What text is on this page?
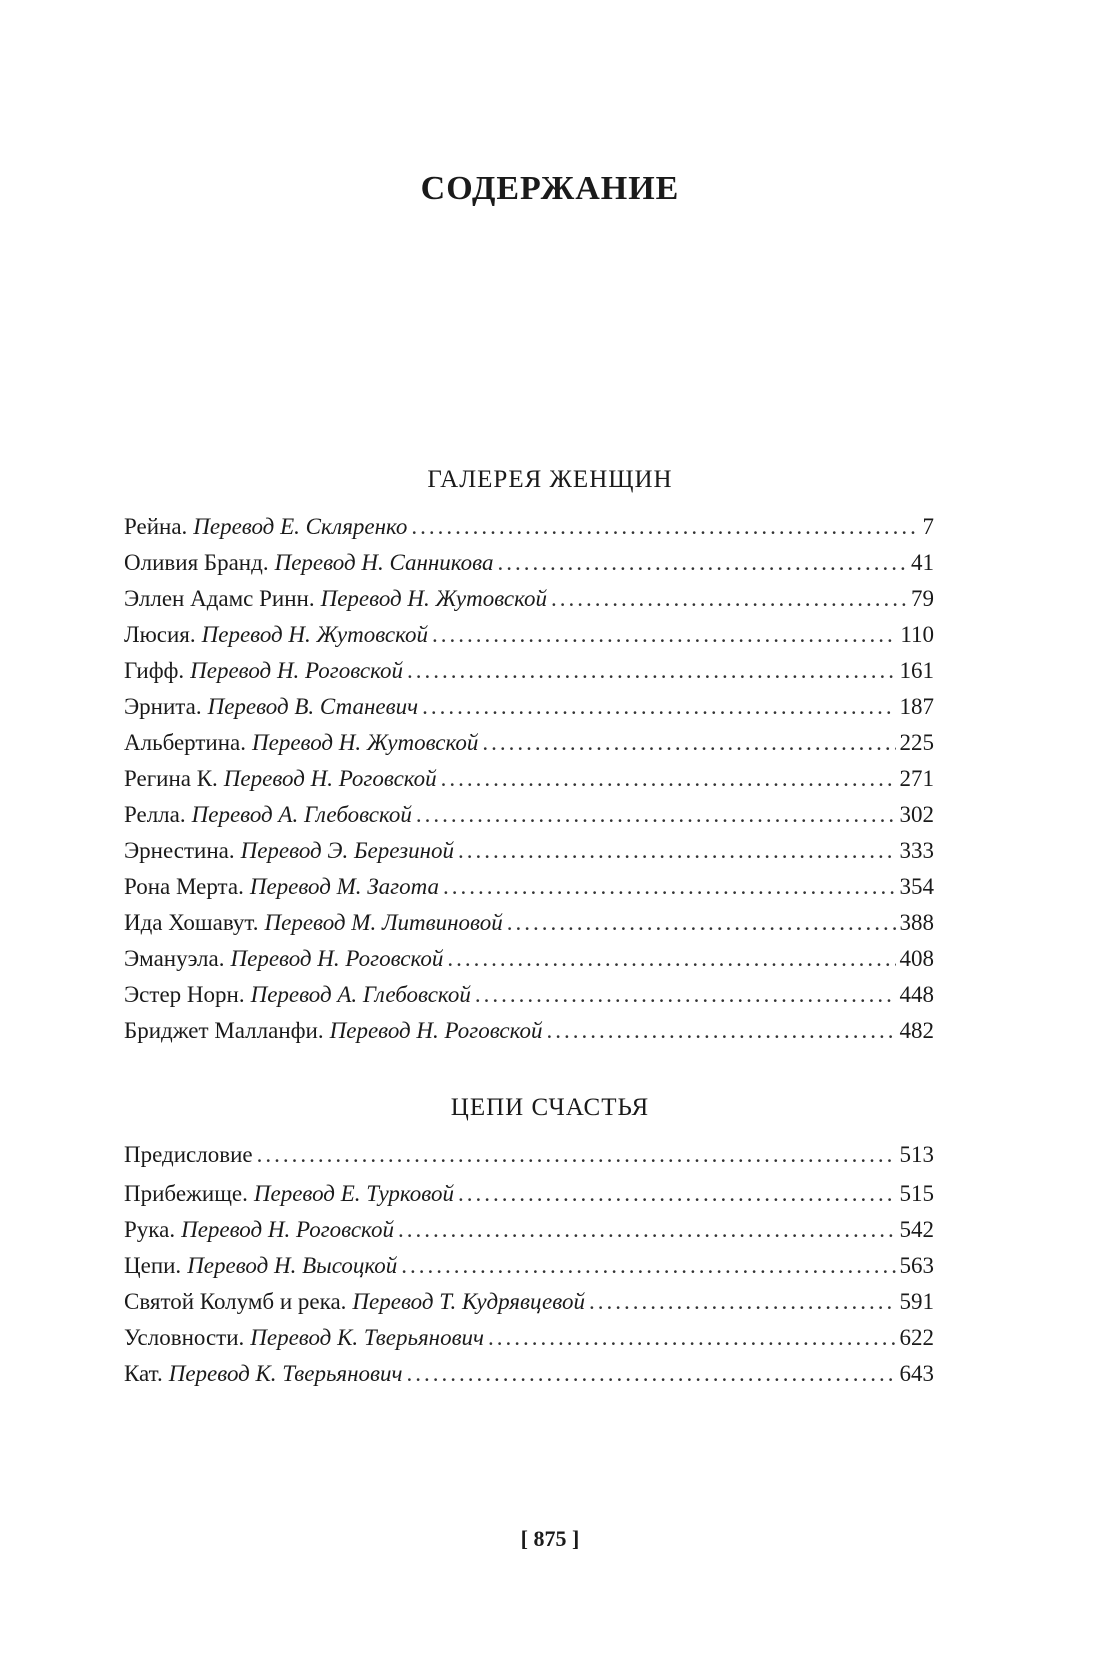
СОДЕРЖАНИЕ
ГАЛЕРЕЯ ЖЕНЩИН
Рейна. Перевод Е. Скляренко .....	7
Оливия Бранд. Перевод Н. Санникова .....	41
Эллен Адамс Ринн. Перевод Н. Жутовской .....	79
Люсия. Перевод Н. Жутовской .....	110
Гифф. Перевод Н. Роговской .....	161
Эрнита. Перевод В. Станевич .....	187
Альбертина. Перевод Н. Жутовской .....	225
Регина К. Перевод Н. Роговской .....	271
Релла. Перевод А. Глебовской .....	302
Эрнестина. Перевод Э. Березиной .....	333
Рона Мерта. Перевод М. Загота .....	354
Ида Хошавут. Перевод М. Литвиновой .....	388
Эмануэла. Перевод Н. Роговской .....	408
Эстер Норн. Перевод А. Глебовской .....	448
Бриджет Малланфи. Перевод Н. Роговской .....	482
ЦЕПИ СЧАСТЬЯ
Предисловие .....	513
Прибежище. Перевод Е. Турковой .....	515
Рука. Перевод Н. Роговской .....	542
Цепи. Перевод Н. Высоцкой .....	563
Святой Колумб и река. Перевод Т. Кудрявцевой .....	591
Условности. Перевод К. Тверьянович .....	622
Кат. Перевод К. Тверьянович .....	643
[ 875 ]
